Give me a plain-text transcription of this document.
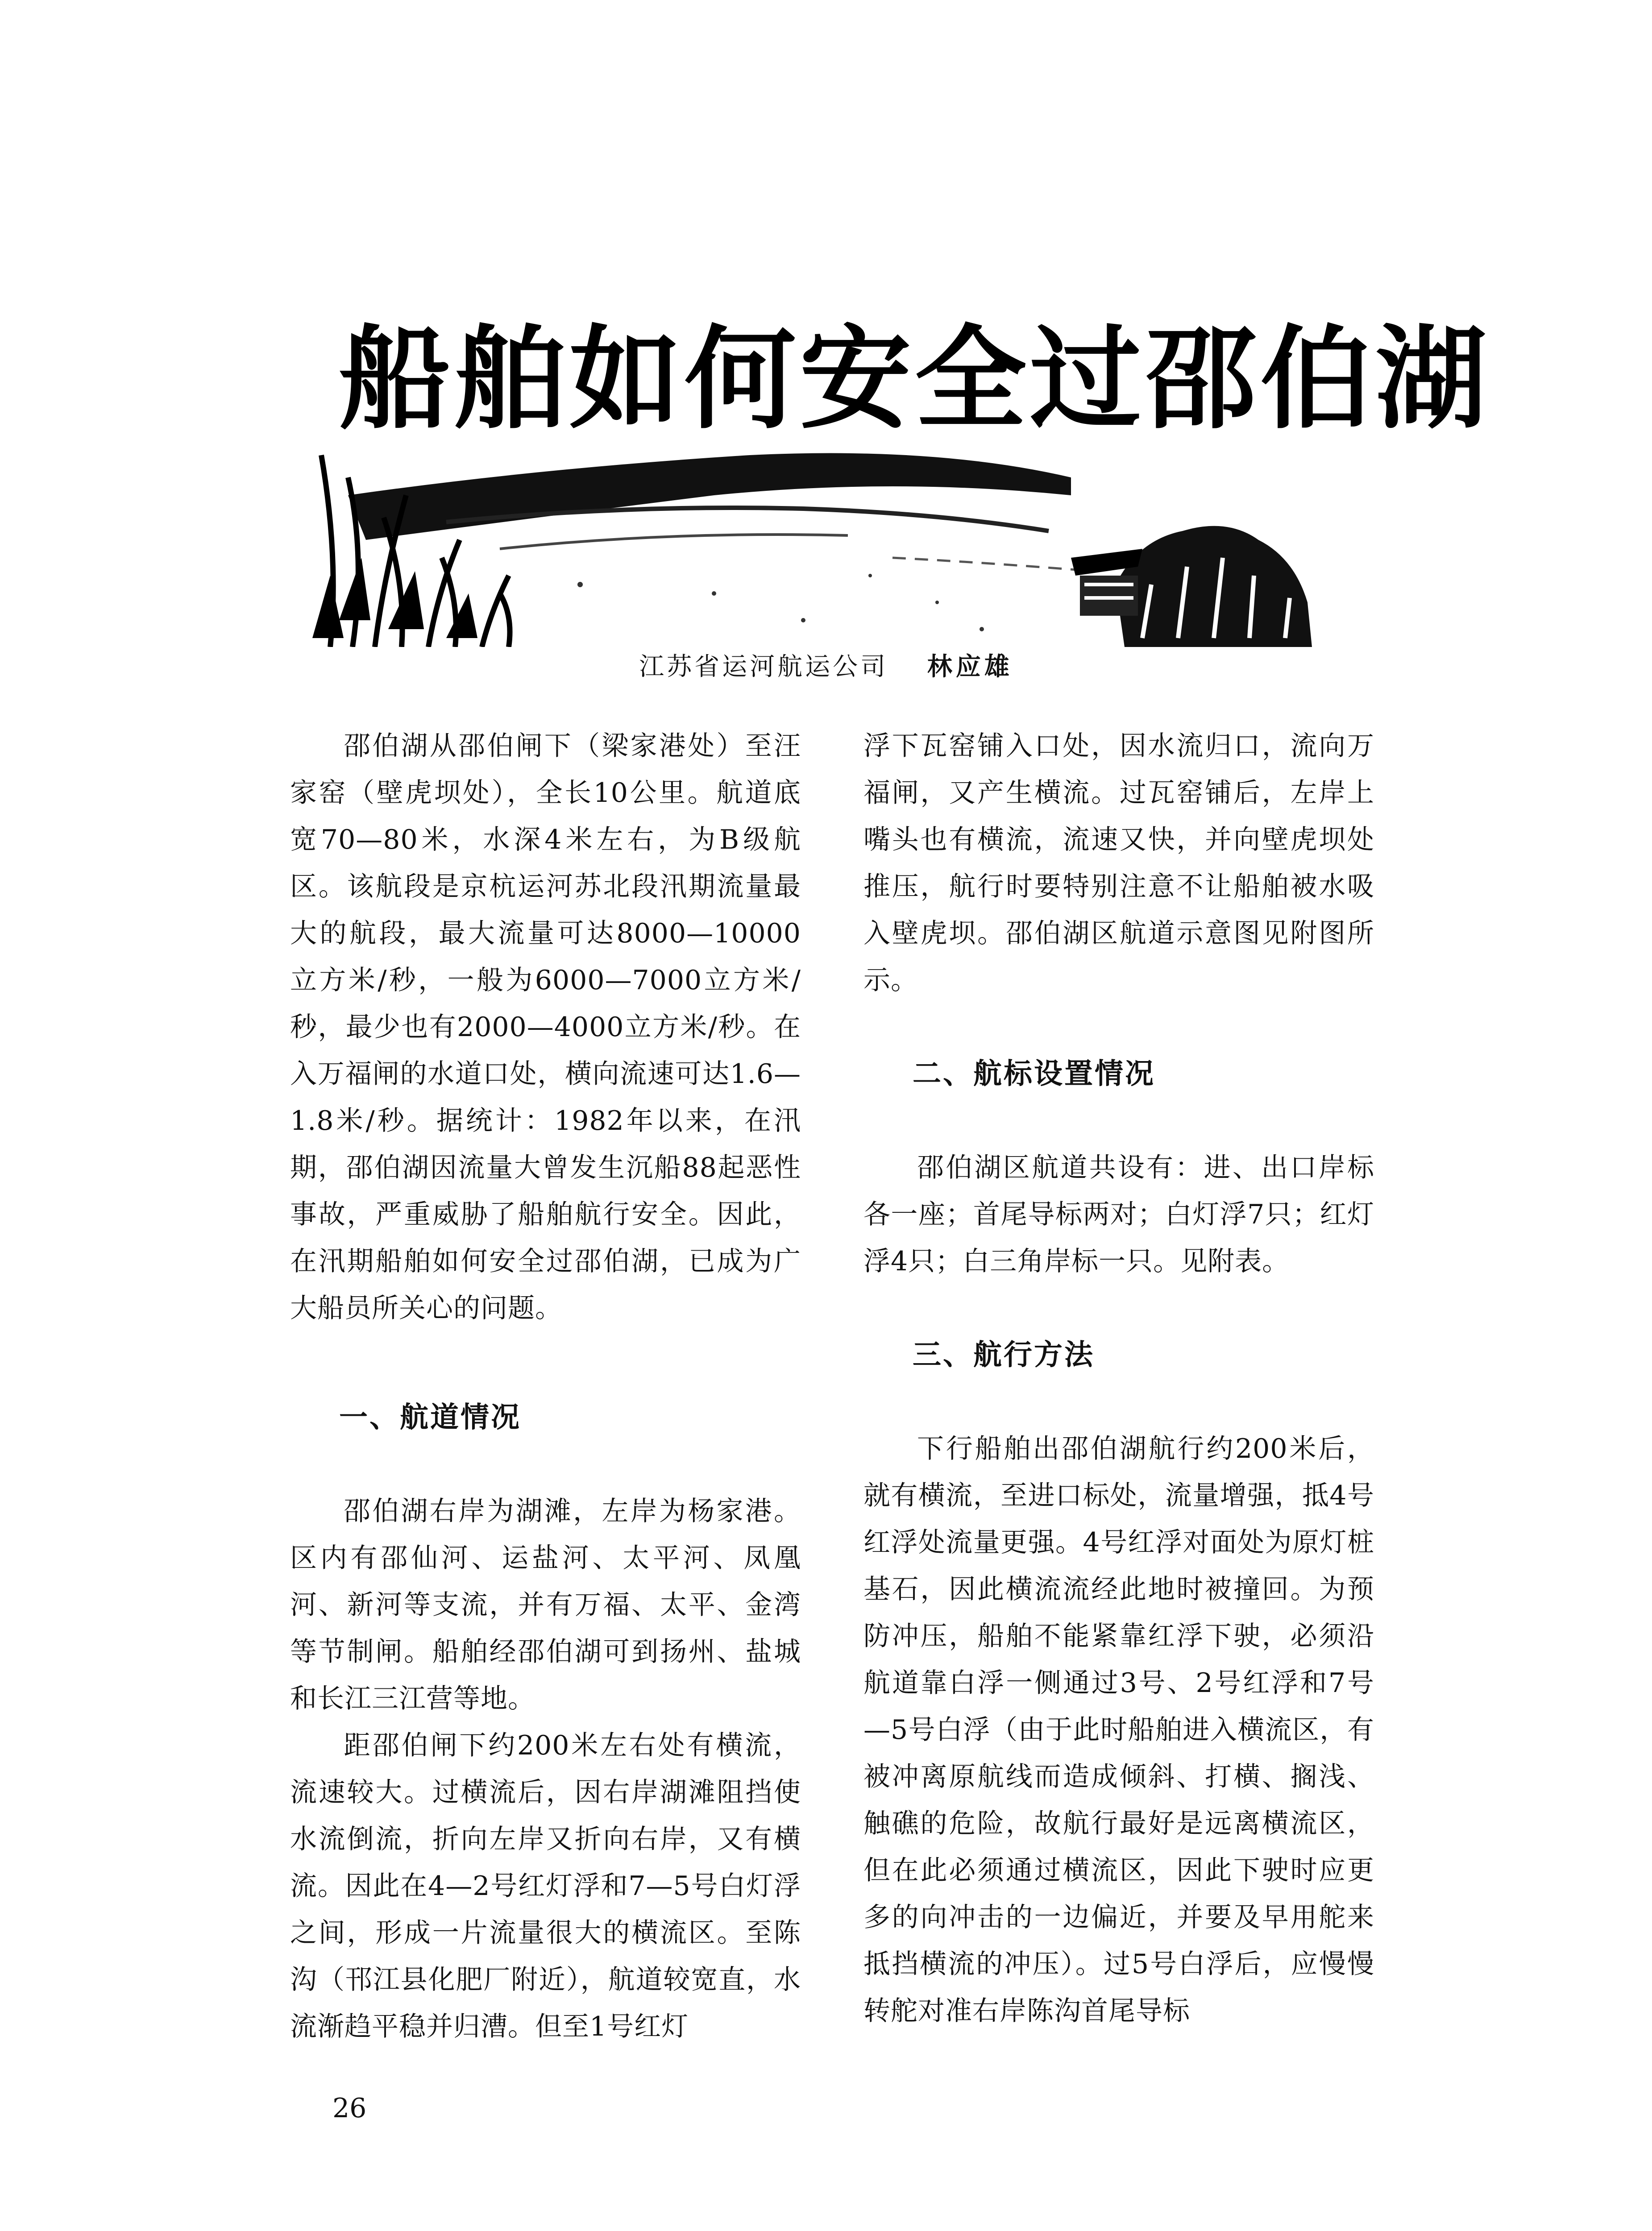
船舶如何安全过邵伯湖
江苏省运河航运公司 林应雄

邵伯湖从邵伯闸下（梁家港处）至汪家窑（壁虎坝处），全长10公里。航道底宽70—80米，水深4米左右，为B级航区。该航段是京杭运河苏北段汛期流量最大的航段，最大流量可达8000—10000立方米/秒，一般为6000—7000立方米/秒，最少也有2000—4000立方米/秒。在入万福闸的水道口处，横向流速可达1.6—1.8米/秒。据统计：1982年以来，在汛期，邵伯湖因流量大曾发生沉船88起恶性事故，严重威胁了船舶航行安全。因此，在汛期船舶如何安全过邵伯湖，已成为广大船员所关心的问题。

一、航道情况

邵伯湖右岸为湖滩，左岸为杨家港。区内有邵仙河、运盐河、太平河、凤凰河、新河等支流，并有万福、太平、金湾等节制闸。船舶经邵伯湖可到扬州、盐城和长江三江营等地。

距邵伯闸下约200米左右处有横流，流速较大。过横流后，因右岸湖滩阻挡使水流倒流，折向左岸又折向右岸，又有横流。因此在4—2号红灯浮和7—5号白灯浮之间，形成一片流量很大的横流区。至陈沟（邗江县化肥厂附近），航道较宽直，水流渐趋平稳并归漕。但至1号红灯

浮下瓦窑铺入口处，因水流归口，流向万福闸，又产生横流。过瓦窑铺后，左岸上嘴头也有横流，流速又快，并向壁虎坝处推压，航行时要特别注意不让船舶被水吸入壁虎坝。邵伯湖区航道示意图见附图所示。

二、航标设置情况

邵伯湖区航道共设有：进、出口岸标各一座；首尾导标两对；白灯浮7只；红灯浮4只；白三角岸标一只。见附表。

三、航行方法

下行船舶出邵伯湖航行约200米后，就有横流，至进口标处，流量增强，抵4号红浮处流量更强。4号红浮对面处为原灯桩基石，因此横流流经此地时被撞回。为预防冲压，船舶不能紧靠红浮下驶，必须沿航道靠白浮一侧通过3号、2号红浮和7号—5号白浮（由于此时船舶进入横流区，有被冲离原航线而造成倾斜、打横、搁浅、触礁的危险，故航行最好是远离横流区，但在此必须通过横流区，因此下驶时应更多的向冲击的一边偏近，并要及早用舵来抵挡横流的冲压）。过5号白浮后，应慢慢转舵对准右岸陈沟首尾导标

26
